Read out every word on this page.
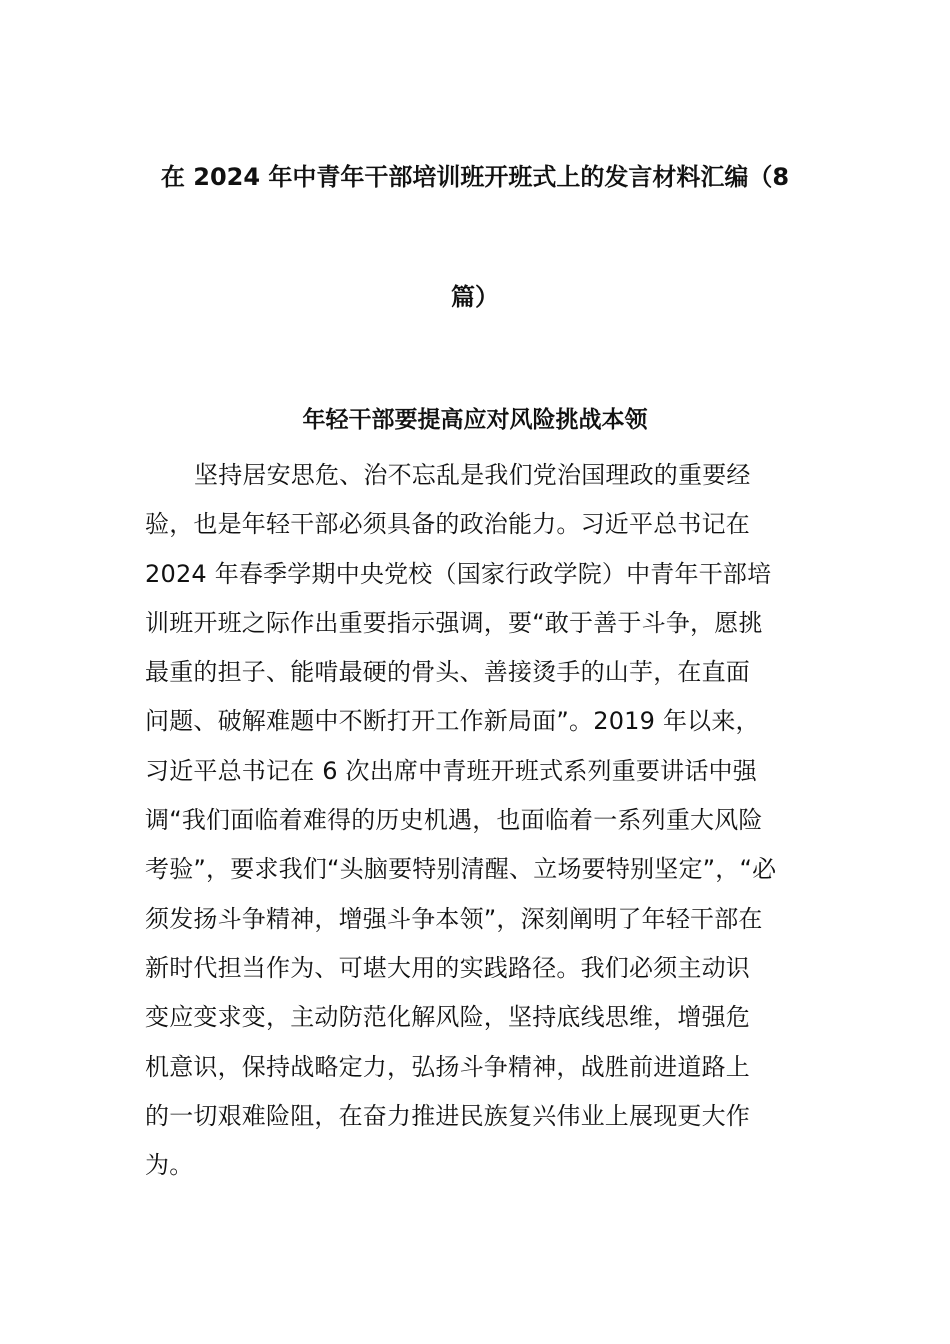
在 2024 年中青年干部培训班开班式上的发言材料汇编（8
篇）
年轻干部要提高应对风险挑战本领
坚持居安思危、治不忘乱是我们党治国理政的重要经
验，也是年轻干部必须具备的政治能力。习近平总书记在
2024 年春季学期中央党校（国家行政学院）中青年干部培
训班开班之际作出重要指示强调，要“敢于善于斗争，愿挑
最重的担子、能啃最硬的骨头、善接烫手的山芋，在直面
问题、破解难题中不断打开工作新局面”。2019 年以来，
习近平总书记在 6 次出席中青班开班式系列重要讲话中强
调“我们面临着难得的历史机遇，也面临着一系列重大风险
考验”，要求我们“头脑要特别清醒、立场要特别坚定”，“必
须发扬斗争精神，增强斗争本领”，深刻阐明了年轻干部在
新时代担当作为、可堪大用的实践路径。我们必须主动识
变应变求变，主动防范化解风险，坚持底线思维，增强危
机意识，保持战略定力，弘扬斗争精神，战胜前进道路上
的一切艰难险阻，在奋力推进民族复兴伟业上展现更大作
为。
